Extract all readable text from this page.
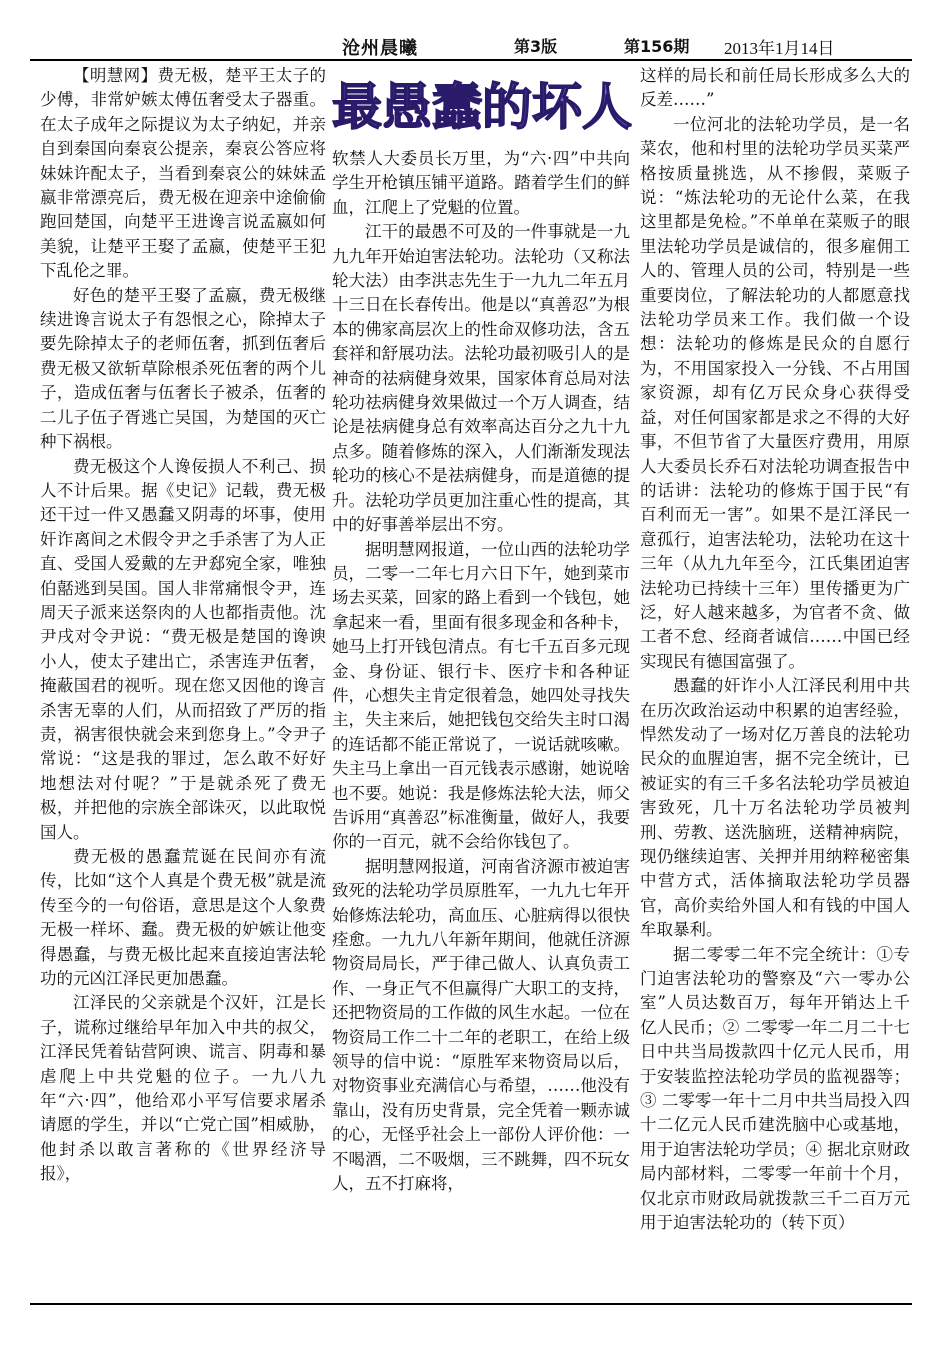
沧州晨曦	第3版	第156期 2013年1月14日
最愚蠢的坏人

【明慧网】费无极，楚平王太子的少傅，非常妒嫉太傅伍奢受太子器重。在太子成年之际提议为太子纳妃，并亲自到秦国向秦哀公提亲，秦哀公答应将妹妹许配太子，当看到秦哀公的妹妹孟嬴非常漂亮后，费无极在迎亲中途偷偷跑回楚国，向楚平王进谗言说孟嬴如何美貌，让楚平王娶了孟嬴，使楚平王犯下乱伦之罪。

好色的楚平王娶了孟嬴，费无极继续进谗言说太子有怨恨之心，除掉太子要先除掉太子的老师伍奢，抓到伍奢后费无极又欲斩草除根杀死伍奢的两个儿子，造成伍奢与伍奢长子被杀，伍奢的二儿子伍子胥逃亡吴国，为楚国的灭亡种下祸根。

费无极这个人谗佞损人不利己、损人不计后果。据《史记》记载，费无极还干过一件又愚蠢又阴毒的坏事，使用奸诈离间之术假令尹之手杀害了为人正直、受国人爱戴的左尹郄宛全家，唯独伯嚭逃到吴国。国人非常痛恨令尹，连周天子派来送祭肉的人也都指责他。沈尹戌对令尹说：“费无极是楚国的谗谀小人，使太子建出亡，杀害连尹伍奢，掩蔽国君的视听。现在您又因他的谗言杀害无辜的人们，从而招致了严厉的指责，祸害很快就会来到您身上。”令尹子常说：“这是我的罪过，怎么敢不好好地想法对付呢？”于是就杀死了费无极，并把他的宗族全部诛灭，以此取悦国人。

费无极的愚蠢荒诞在民间亦有流传，比如“这个人真是个费无极”就是流传至今的一句俗语，意思是这个人象费无极一样坏、蠢。费无极的妒嫉让他变得愚蠢，与费无极比起来直接迫害法轮功的元凶江泽民更加愚蠢。

江泽民的父亲就是个汉奸，江是长子，谎称过继给早年加入中共的叔父，江泽民凭着钻营阿谀、谎言、阴毒和暴虐爬上中共党魁的位子。一九八九年“六·四”，他给邓小平写信要求屠杀请愿的学生，并以“亡党亡国”相威胁，他封杀以敢言著称的《世界经济导报》，

软禁人大委员长万里，为“六·四”中共向学生开枪镇压铺平道路。踏着学生们的鲜血，江爬上了党魁的位置。

江干的最愚不可及的一件事就是一九九九年开始迫害法轮功。法轮功（又称法轮大法）由李洪志先生于一九九二年五月十三日在长春传出。他是以“真善忍”为根本的佛家高层次上的性命双修功法，含五套祥和舒展功法。法轮功最初吸引人的是神奇的祛病健身效果，国家体育总局对法轮功祛病健身效果做过一个万人调查，结论是祛病健身总有效率高达百分之九十九点多。随着修炼的深入，人们渐渐发现法轮功的核心不是祛病健身，而是道德的提升。法轮功学员更加注重心性的提高，其中的好事善举层出不穷。

据明慧网报道，一位山西的法轮功学员，二零一二年七月六日下午，她到菜市场去买菜，回家的路上看到一个钱包，她拿起来一看，里面有很多现金和各种卡，她马上打开钱包清点。有七千五百多元现金、身份证、银行卡、医疗卡和各种证件，心想失主肯定很着急，她四处寻找失主，失主来后，她把钱包交给失主时口渴的连话都不能正常说了，一说话就咳嗽。失主马上拿出一百元钱表示感谢，她说啥也不要。她说：我是修炼法轮大法，师父告诉用“真善忍”标准衡量，做好人，我要你的一百元，就不会给你钱包了。

据明慧网报道，河南省济源市被迫害致死的法轮功学员原胜军，一九九七年开始修炼法轮功，高血压、心脏病得以很快痊愈。一九九八年新年期间，他就任济源物资局局长，严于律己做人、认真负责工作、一身正气不但赢得广大职工的支持，还把物资局的工作做的风生水起。一位在物资局工作二十二年的老职工，在给上级领导的信中说：“原胜军来物资局以后，对物资事业充满信心与希望，……他没有靠山，没有历史背景，完全凭着一颗赤诚的心，无怪乎社会上一部份人评价他：一不喝酒，二不吸烟，三不跳舞，四不玩女人，五不打麻将，

这样的局长和前任局长形成多么大的反差……”

一位河北的法轮功学员，是一名菜农，他和村里的法轮功学员买菜严格按质量挑选，从不掺假，菜贩子说：“炼法轮功的无论什么菜，在我这里都是免检。”不单单在菜贩子的眼里法轮功学员是诚信的，很多雇佣工人的、管理人员的公司，特别是一些重要岗位，了解法轮功的人都愿意找法轮功学员来工作。我们做一个设想：法轮功的修炼是民众的自愿行为，不用国家投入一分钱、不占用国家资源，却有亿万民众身心获得受益，对任何国家都是求之不得的大好事，不但节省了大量医疗费用，用原人大委员长乔石对法轮功调查报告中的话讲：法轮功的修炼于国于民“有百利而无一害”。如果不是江泽民一意孤行，迫害法轮功，法轮功在这十三年（从九九年至今，江氏集团迫害法轮功已持续十三年）里传播更为广泛，好人越来越多，为官者不贪、做工者不怠、经商者诚信……中国已经实现民有德国富强了。

愚蠢的奸诈小人江泽民利用中共在历次政治运动中积累的迫害经验，悍然发动了一场对亿万善良的法轮功民众的血腥迫害，据不完全统计，已被证实的有三千多名法轮功学员被迫害致死，几十万名法轮功学员被判刑、劳教、送洗脑班，送精神病院，现仍继续迫害、关押并用纳粹秘密集中营方式，活体摘取法轮功学员器官，高价卖给外国人和有钱的中国人牟取暴利。

据二零零二年不完全统计：①专门迫害法轮功的警察及“六一零办公室”人员达数百万，每年开销达上千亿人民币；② 二零零一年二月二十七日中共当局拨款四十亿元人民币，用于安装监控法轮功学员的监视器等；③ 二零零一年十二月中共当局投入四十二亿元人民币建洗脑中心或基地，用于迫害法轮功学员；④ 据北京财政局内部材料，二零零一年前十个月，仅北京市财政局就拨款三千二百万元用于迫害法轮功的（转下页）
